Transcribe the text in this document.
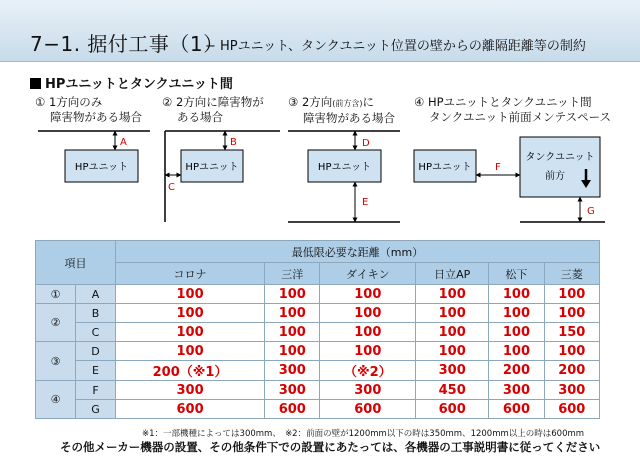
7−1. 据付工事（1）
− HPユニット、タンクユニット位置の壁からの離隔距離等の制約
HPユニットとタンクユニット間
① 1方向のみ
障害物がある場合
② 2方向に障害物が
ある場合
③ 2方向(前方含)に
障害物がある場合
④ HPユニットとタンクユニット間
タンクユニット前面メンテスペース
HPユニット
A
HPユニット
B
C
HPユニット
D
E
HPユニット
タンクユニット
前方
F
G
項目		最低限必要な距離（mm）					
		コロナ	三洋	ダイキン	日立AP	松下	三菱
①	A	100	100	100	100	100	100
②	B	100	100	100	100	100	100
	C	100	100	100	100	100	150
③	D	100	100	100	100	100	100
	E	200（※1）	300	（※2）	300	200	200
④	F	300	300	300	450	300	300
	G	600	600	600	600	600	600
※1：一部機種によっては300mm、　※2：前面の壁が1200mm以下の時は350mm、1200mm以上の時は600mm
その他メーカー機器の設置、その他条件下での設置にあたっては、各機器の工事説明書に従ってください
